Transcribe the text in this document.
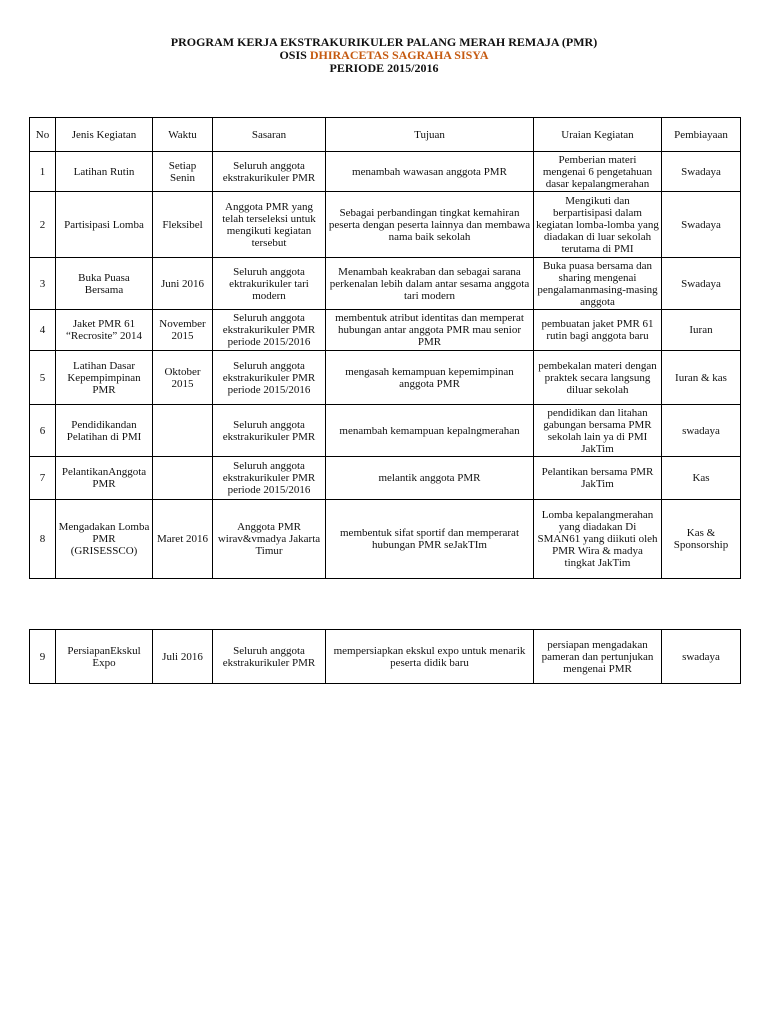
PROGRAM KERJA EKSTRAKURIKULER PALANG MERAH REMAJA (PMR)
OSIS DHIRACETAS SAGRAHA SISYA
PERIODE 2015/2016
No	Jenis Kegiatan	Waktu	Sasaran	Tujuan	Uraian Kegiatan	Pembiayaan
1	Latihan Rutin	Setiap Senin	Seluruh anggota ekstrakurikuler PMR	menambah wawasan anggota PMR	Pemberian materi mengenai 6 pengetahuan dasar kepalangmerahan	Swadaya
2	Partisipasi Lomba	Fleksibel	Anggota PMR yang telah terseleksi untuk mengikuti kegiatan tersebut	Sebagai perbandingan tingkat kemahiran peserta dengan peserta lainnya dan membawa nama baik sekolah	Mengikuti dan berpartisipasi dalam kegiatan lomba-lomba yang diadakan di luar sekolah terutama di PMI	Swadaya
3	Buka Puasa Bersama	Juni 2016	Seluruh anggota ektrakurikuler tari modern	Menambah keakraban dan sebagai sarana perkenalan lebih dalam antar sesama anggota tari modern	Buka puasa bersama dan sharing mengenai pengalamanmasing-masing anggota	Swadaya
4	Jaket PMR 61 “Recrosite” 2014	November 2015	Seluruh anggota ekstrakurikuler PMR periode 2015/2016	membentuk atribut identitas dan memperat hubungan antar anggota PMR mau senior PMR	pembuatan jaket PMR 61 rutin bagi anggota baru	Iuran
5	Latihan Dasar Kepempimpinan PMR	Oktober 2015	Seluruh anggota ekstrakurikuler PMR periode 2015/2016	mengasah kemampuan kepemimpinan anggota PMR	pembekalan materi dengan praktek secara langsung diluar sekolah	Iuran & kas
6	Pendidikandan Pelatihan di PMI		Seluruh anggota ekstrakurikuler PMR	menambah kemampuan kepalngmerahan	pendidikan dan litahan gabungan bersama PMR sekolah lain ya di PMI JakTim	swadaya
7	PelantikanAnggota PMR		Seluruh anggota ekstrakurikuler PMR periode 2015/2016	melantik anggota PMR	Pelantikan bersama PMR JakTim	Kas
8	Mengadakan Lomba PMR (GRISESSCO)	Maret 2016	Anggota PMR wirav&vmadya Jakarta Timur	membentuk sifat sportif dan memperarat hubungan PMR seJakTIm	Lomba kepalangmerahan yang diadakan Di SMAN61 yang diikuti oleh PMR Wira & madya tingkat JakTim	Kas & Sponsorship
9	PersiapanEkskul Expo	Juli 2016	Seluruh anggota ekstrakurikuler PMR	mempersiapkan ekskul expo untuk menarik peserta didik baru	persiapan mengadakan pameran dan pertunjukan mengenai PMR	swadaya
